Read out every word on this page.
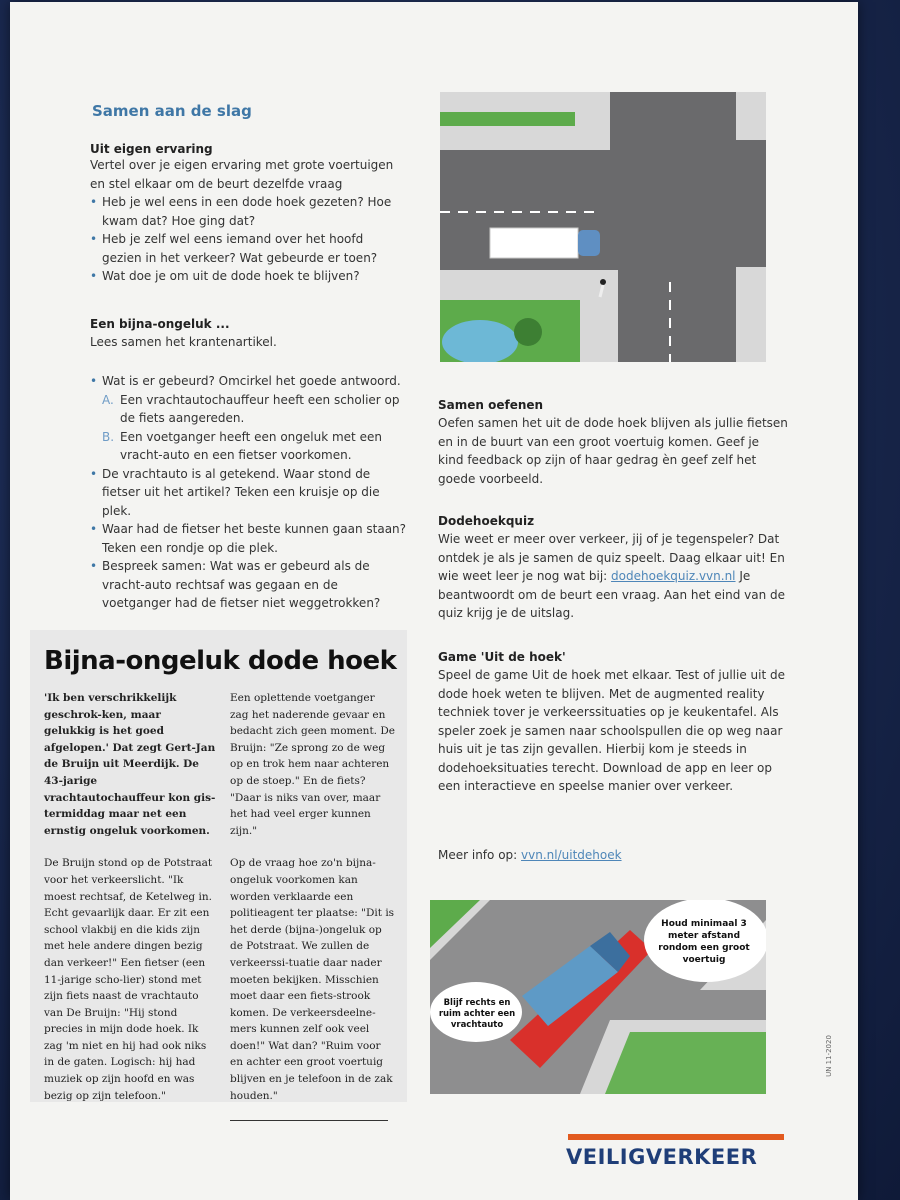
Samen aan de slag
Uit eigen ervaring
Vertel over je eigen ervaring met grote voertuigen en stel elkaar om de beurt dezelfde vraag
• Heb je wel eens in een dode hoek gezeten? Hoe kwam dat? Hoe ging dat?
• Heb je zelf wel eens iemand over het hoofd gezien in het verkeer? Wat gebeurde er toen?
• Wat doe je om uit de dode hoek te blijven?
Een bijna-ongeluk ...
Lees samen het krantenartikel.
• Wat is er gebeurd? Omcirkel het goede antwoord.
A. Een vrachtautochauffeur heeft een scholier op de fiets aangereden.
B. Een voetganger heeft een ongeluk met een vracht-auto en een fietser voorkomen.
• De vrachtauto is al getekend. Waar stond de fietser uit het artikel? Teken een kruisje op die plek.
• Waar had de fietser het beste kunnen gaan staan? Teken een rondje op die plek.
• Bespreek samen: Wat was er gebeurd als de vracht-auto rechtsaf was gegaan en de voetganger had de fietser niet weggetrokken?
Samen oefenen
Oefen samen het uit de dode hoek blijven als jullie fietsen en in de buurt van een groot voertuig komen. Geef je kind feedback op zijn of haar gedrag èn geef zelf het goede voorbeeld.
Dodehoekquiz
Wie weet er meer over verkeer, jij of je tegenspeler? Dat ontdek je als je samen de quiz speelt. Daag elkaar uit! En wie weet leer je nog wat bij: dodehoekquiz.vvn.nl Je beantwoordt om de beurt een vraag. Aan het eind van de quiz krijg je de uitslag.
Game 'Uit de hoek'
Speel de game Uit de hoek met elkaar. Test of jullie uit de dode hoek weten te blijven. Met de augmented reality techniek tover je verkeerssituaties op je keukentafel. Als speler zoek je samen naar schoolspullen die op weg naar huis uit je tas zijn gevallen. Hierbij kom je steeds in dodehoeksituaties terecht. Download de app en leer op een interactieve en speelse manier over verkeer.
Meer info op: vvn.nl/uitdehoek
Houd minimaal 3 meter afstand rondom een groot voertuig
Blijf rechts en ruim achter een vrachtauto
VEILIGVERKEER
UN 11-2020
Bijna-ongeluk dode hoek

'Ik ben verschrikkelijk geschrok-ken, maar gelukkig is het goed afgelopen.' Dat zegt Gert-Jan de Bruijn uit Meerdijk. De 43-jarige vrachtautochauffeur kon gis-termiddag maar net een ernstig ongeluk voorkomen.

De Bruijn stond op de Potstraat voor het verkeerslicht. "Ik moest rechtsaf, de Ketelweg in. Echt gevaarlijk daar. Er zit een school vlakbij en die kids zijn met hele andere dingen bezig dan verkeer!" Een fietser (een 11-jarige scho-lier) stond met zijn fiets naast de vrachtauto van De Bruijn: "Hij stond precies in mijn dode hoek. Ik zag 'm niet en hij had ook niks in de gaten. Logisch: hij had muziek op zijn hoofd en was bezig op zijn telefoon."

Een oplettende voetganger zag het naderende gevaar en bedacht zich geen moment. De Bruijn: "Ze sprong zo de weg op en trok hem naar achteren op de stoep." En de fiets? "Daar is niks van over, maar het had veel erger kunnen zijn."

Op de vraag hoe zo'n bijna-ongeluk voorkomen kan worden verklaarde een politieagent ter plaatse: "Dit is het derde (bijna-)ongeluk op de Potstraat. We zullen de verkeerssi-tuatie daar nader moeten bekijken. Misschien moet daar een fiets-strook komen. De verkeersdeelne-mers kunnen zelf ook veel doen!" Wat dan? "Ruim voor en achter een groot voertuig blijven en je telefoon in de zak houden."
